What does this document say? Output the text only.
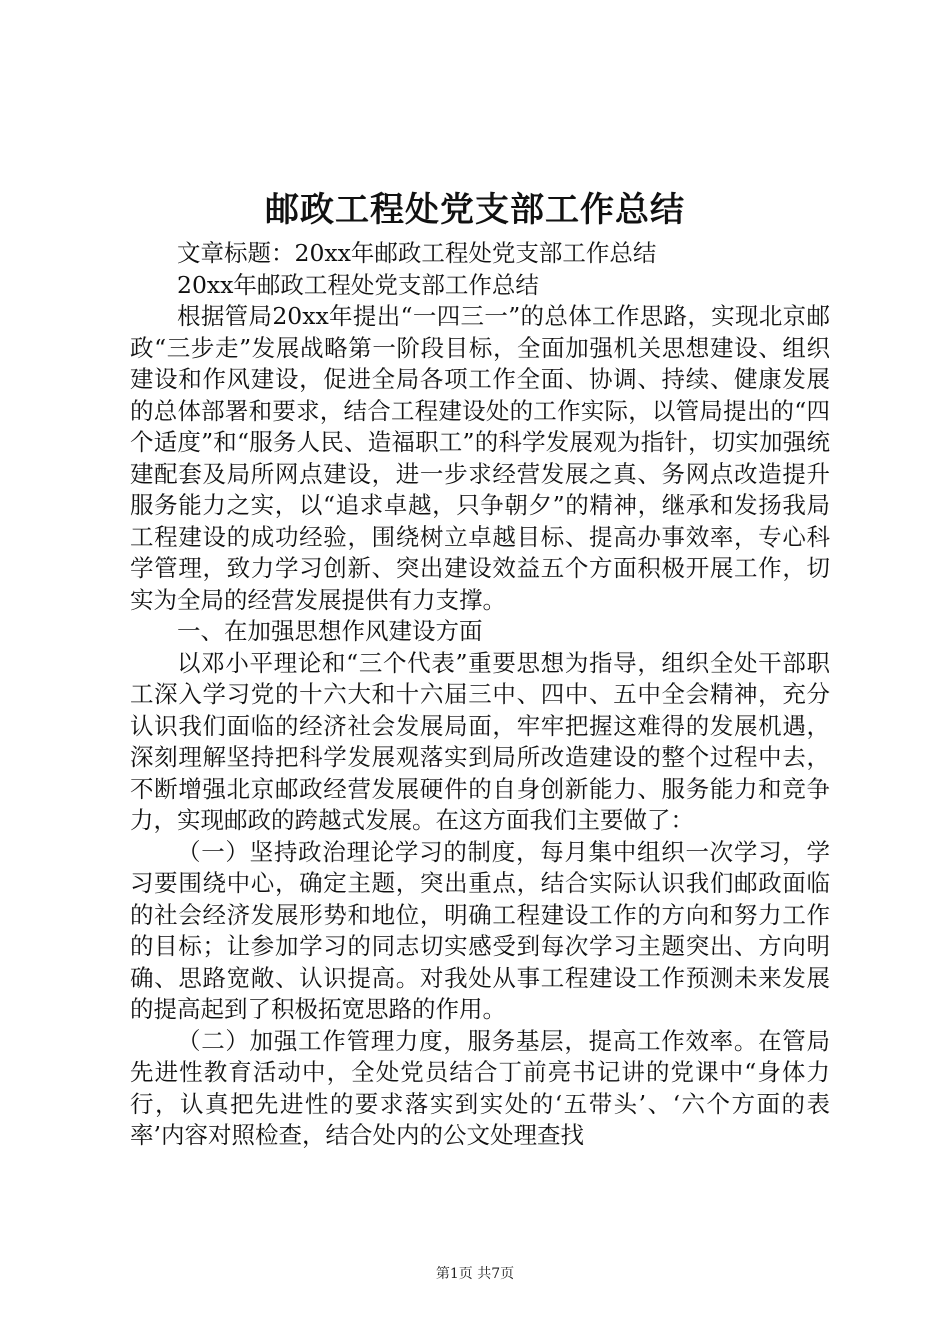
邮政工程处党支部工作总结

文章标题：20xx年邮政工程处党支部工作总结

20xx年邮政工程处党支部工作总结

根据管局20xx年提出“一四三一”的总体工作思路，实现北京邮政“三步走”发展战略第一阶段目标，全面加强机关思想建设、组织建设和作风建设，促进全局各项工作全面、协调、持续、健康发展的总体部署和要求，结合工程建设处的工作实际，以管局提出的“四个适度”和“服务人民、造福职工”的科学发展观为指针，切实加强统建配套及局所网点建设，进一步求经营发展之真、务网点改造提升服务能力之实，以“追求卓越，只争朝夕”的精神，继承和发扬我局工程建设的成功经验，围绕树立卓越目标、提高办事效率，专心科学管理，致力学习创新、突出建设效益五个方面积极开展工作，切实为全局的经营发展提供有力支撑。

一、在加强思想作风建设方面

以邓小平理论和“三个代表”重要思想为指导，组织全处干部职工深入学习党的十六大和十六届三中、四中、五中全会精神，充分认识我们面临的经济社会发展局面，牢牢把握这难得的发展机遇，深刻理解坚持把科学发展观落实到局所改造建设的整个过程中去，不断增强北京邮政经营发展硬件的自身创新能力、服务能力和竞争力，实现邮政的跨越式发展。在这方面我们主要做了：

（一）坚持政治理论学习的制度，每月集中组织一次学习，学习要围绕中心，确定主题，突出重点，结合实际认识我们邮政面临的社会经济发展形势和地位，明确工程建设工作的方向和努力工作的目标；让参加学习的同志切实感受到每次学习主题突出、方向明确、思路宽敞、认识提高。对我处从事工程建设工作预测未来发展的提高起到了积极拓宽思路的作用。

（二）加强工作管理力度，服务基层，提高工作效率。在管局先进性教育活动中，全处党员结合丁前亮书记讲的党课中“身体力行，认真把先进性的要求落实到实处的‘五带头’、‘六个方面的表率’内容对照检查，结合处内的公文处理查找

第1页 共7页
